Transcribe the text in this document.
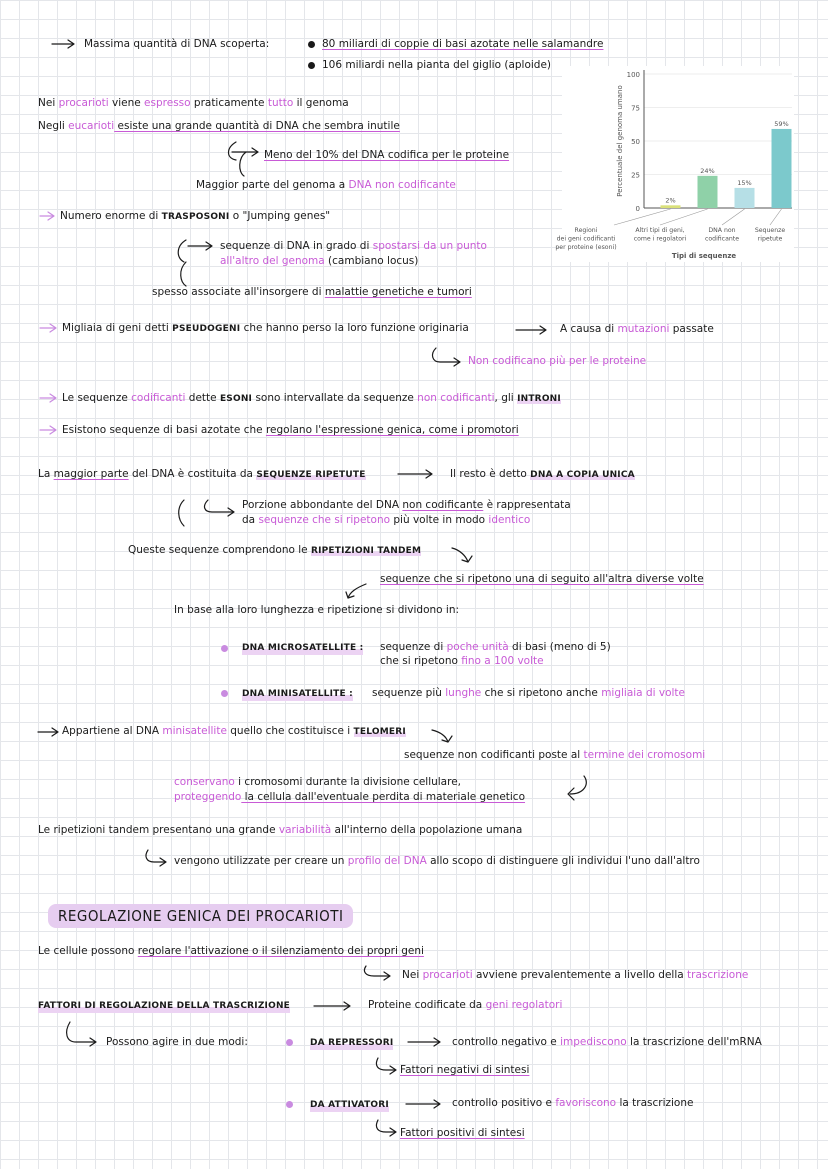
Massima quantità di DNA scoperta:	80 miliardi di coppie di basi azotate nelle salamandre
106 miliardi nella pianta del giglio (aploide)
Nei procarioti viene espresso praticamente tutto il genoma
Negli eucarioti esiste una grande quantità di DNA che sembra inutile
Meno del 10% del DNA codifica per le proteine
Maggior parte del genoma a DNA non codificante
Numero enorme di TRASPOSONI o "Jumping genes"
sequenze di DNA in grado di spostarsi da un punto
all'altro del genoma (cambiano locus)
spesso associate all'insorgere di malattie genetiche e tumori
Migliaia di geni detti PSEUDOGENI che hanno perso la loro funzione originaria	A causa di mutazioni passate
Non codificano più per le proteine
Le sequenze codificanti dette ESONI sono intervallate da sequenze non codificanti, gli INTRONI
Esistono sequenze di basi azotate che regolano l'espressione genica, come i promotori
La maggior parte del DNA è costituita da SEQUENZE RIPETUTE	Il resto è detto DNA A COPIA UNICA
Porzione abbondante del DNA non codificante è rappresentata
da sequenze che si ripetono più volte in modo identico
Queste sequenze comprendono le RIPETIZIONI TANDEM
sequenze che si ripetono una di seguito all'altra diverse volte
In base alla loro lunghezza e ripetizione si dividono in:
DNA MICROSATELLITE : sequenze di poche unità di basi (meno di 5)
che si ripetono fino a 100 volte
DNA MINISATELLITE : sequenze più lunghe che si ripetono anche migliaia di volte
Appartiene al DNA minisatellite quello che costituisce i TELOMERI
sequenze non codificanti poste al termine dei cromosomi
conservano i cromosomi durante la divisione cellulare,
proteggendo la cellula dall'eventuale perdita di materiale genetico
Le ripetizioni tandem presentano una grande variabilità all'interno della popolazione umana
vengono utilizzate per creare un profilo del DNA allo scopo di distinguere gli individui l'uno dall'altro
REGOLAZIONE GENICA DEI PROCARIOTI
Le cellule possono regolare l'attivazione o il silenziamento dei propri geni
Nei procarioti avviene prevalentemente a livello della trascrizione
FATTORI DI REGOLAZIONE DELLA TRASCRIZIONE	Proteine codificate da geni regolatori
Possono agire in due modi:	DA REPRESSORI	controllo negativo e impediscono la trascrizione dell'mRNA
Fattori negativi di sintesi
DA ATTIVATORI	controllo positivo e favoriscono la trascrizione
Fattori positivi di sintesi
0
25
50
75
100
Percentuale del genoma umano
2%
24%
15%
59%
Regioni
dei geni codificanti
per proteine (esoni)
Altri tipi di geni,
come i regolatori
DNA non
codificante
Sequenze
ripetute
Tipi di sequenze
